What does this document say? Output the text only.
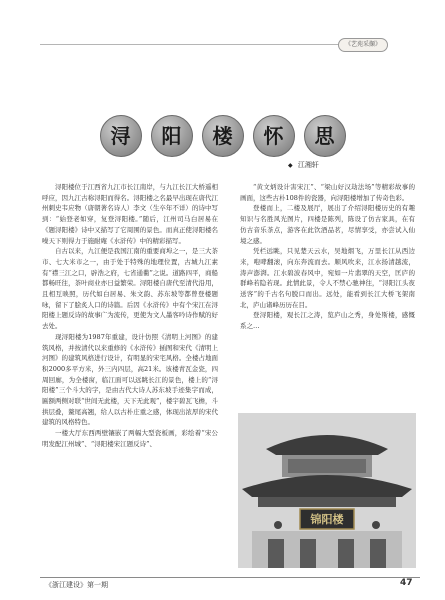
《艺苑采撷》
浔	阳	楼	怀	思
◆ 江湘轩

浔阳楼位于江西省九江市长江南岸，与九江长江大桥遥相呼应，因九江古称浔阳而得名。浔阳楼之名最早出现在唐代江州刺史韦应物（唐朝著名诗人）李文（生卒年不详）的诗中写到：“始登老如穿，复登浔阳楼。”随后，江州司马白居易在《题浔阳楼》诗中又描写了它周围的景色。而真正使浔阳楼名噪天下则得力于施耐庵《水浒传》中的精彩描写。

自古以来，九江便是我国江南的重要商埠之一，是三大茶市、七大米市之一，由于处于特殊的地理位置，古城九江素有“襟三江之口，辟浩之府，七省通衢”之说。道路四平，商船都畅旺往，茶叶商业亦日益繁荣。浔阳楼自唐代至清代沿用，且相互映照，历代如白居易、朱文韵、苏东坡等都曾登楼题咏，留下了脍炙人口的诗篇。后因《水浒传》中有个宋江在浔阳楼上题反诗的故事广为流传，更使为文人墨客吟诗作赋的好去处。

现浔阳楼为1987年重建，设计仿照《清明上河图》的建筑风格，并按清代以来重修的《水浒传》插图和宋代《清明上河图》的建筑风格进行设计，有明显的宋宅风格。全楼占地面积2000多平方米，外三内四层，高21米。该楼青瓦金瓷，四周回廊，为全楼窗，临江面可以远眺长江的景色，楼上的“浔阳楼”三个斗大的字，是由古代大诗人苏东坡手迹集字而成，匾额两侧对联“世间无此楼，天下无此观”，楼宇碧瓦飞檐，斗拱层叠，鳌尾高翘，给人以古朴庄重之感，体现出浓厚的宋代建筑的风格特色。

一楼大厅东西两壁镶嵌了两幅大型瓷板画，彩绘着“宋公明发配江州城”、“浔阳楼宋江题反诗”、

“黄文炳设计害宋江”、“梁山好汉劫法场”等精彩故事的画面，这些古朴108件的瓷器，向浔阳楼增加了传奇色彩。

登楼而上，二楼及展厅，展出了介绍浔阳楼历史的有趣知识与名胜风光图片，四楼是陈列，陈设了仿古家具，在有仿古音乐茶点，游客在此饮酒品茗，尽情享受，亦尝试入仙境之感。

凭栏远眺，只见楚天云水，吴地烟飞，万里长江从西边来，咆哮翻滚，向东奔流而去。顺风吹来，江水扬清越流，涛声澎湃。江水碧波春风中，宛如一片翡翠的天空，匡庐的群峰若隐若现。此情此景，令人不禁心驰神往，“浔阳江头夜送客”的千古名句脱口而出。远处，能看到长江大桥飞架南北，庐山诸峰历历在目。

登浔阳楼，观长江之涛，览庐山之秀，身处斯楼，感慨系之…

锦阳楼
《浙江建设》第一期	47
